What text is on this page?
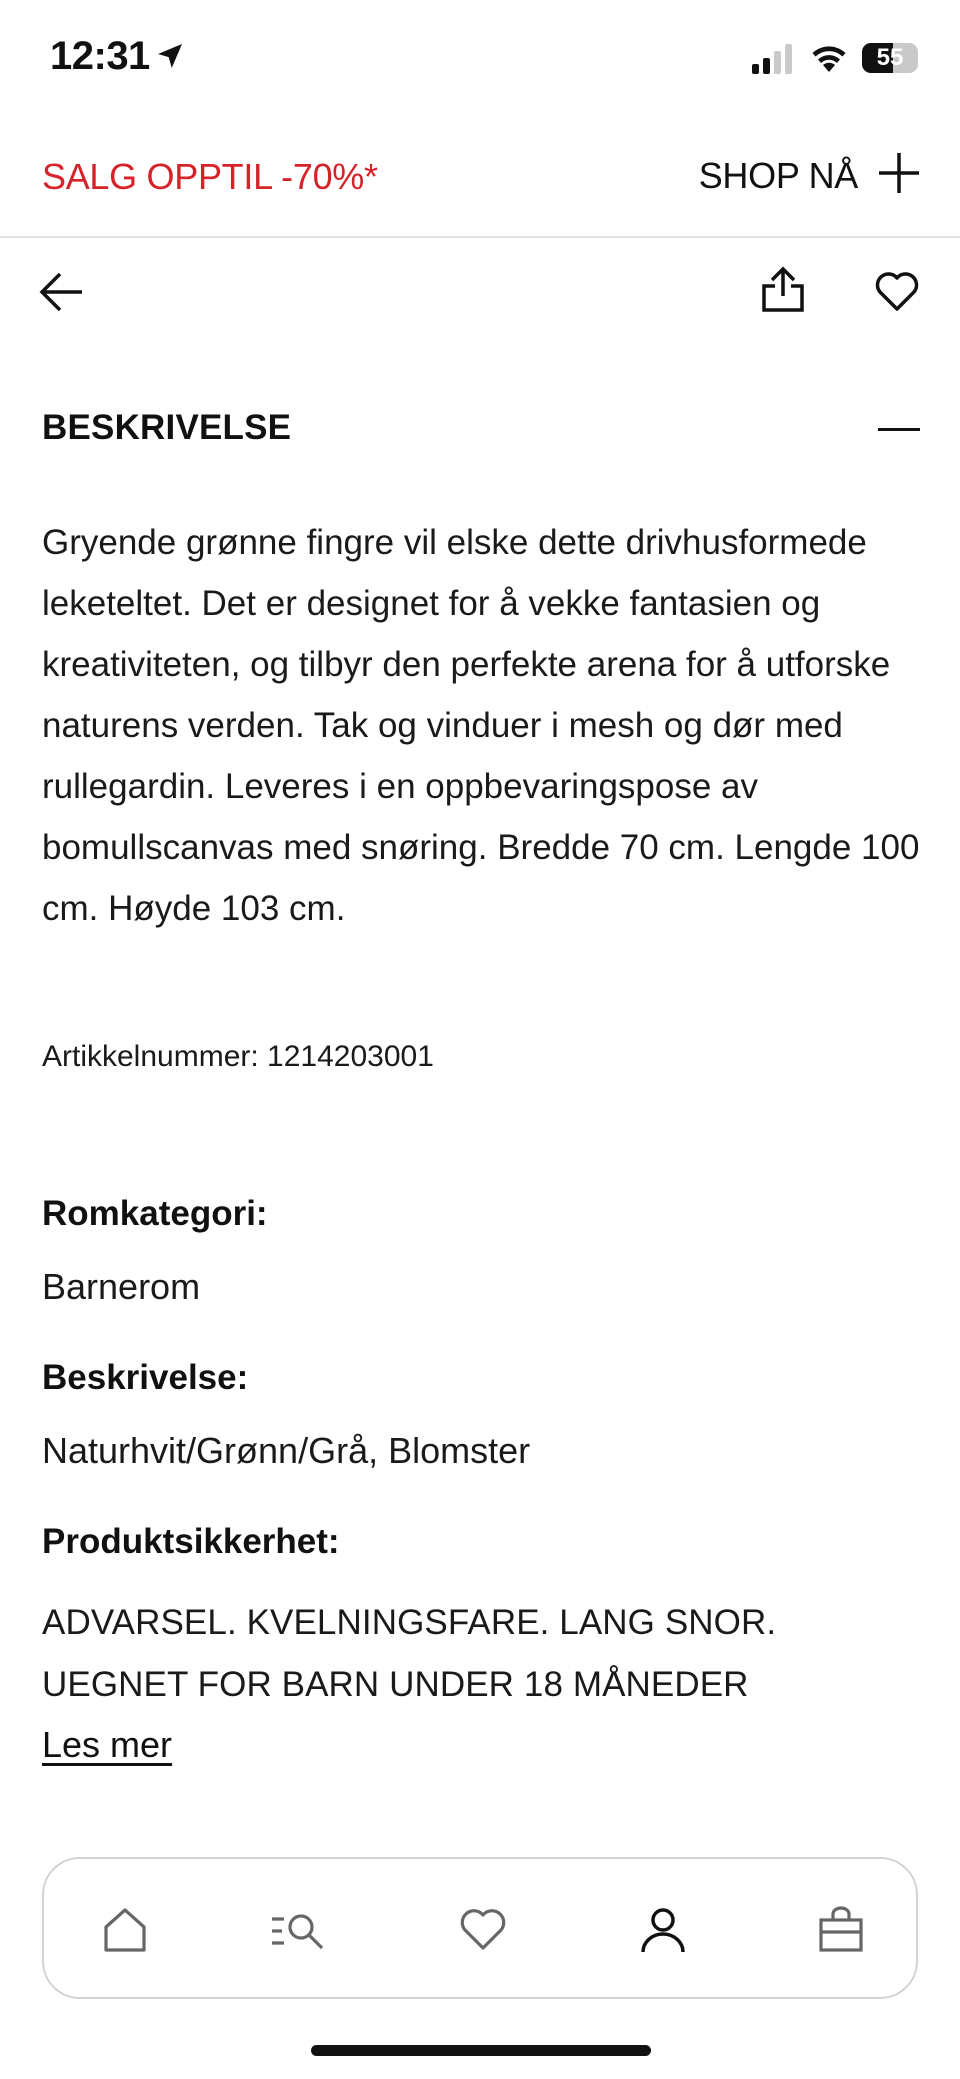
12:31	55
SALG OPPTIL -70%*	SHOP NÅ
BESKRIVELSE
Gryende grønne fingre vil elske dette drivhusformede leketeltet. Det er designet for å vekke fantasien og kreativiteten, og tilbyr den perfekte arena for å utforske naturens verden. Tak og vinduer i mesh og dør med rullegardin. Leveres i en oppbevaringspose av bomullscanvas med snøring. Bredde 70 cm. Lengde 100 cm. Høyde 103 cm.
Artikkelnummer: 1214203001
Romkategori:
Barnerom
Beskrivelse:
Naturhvit/Grønn/Grå, Blomster
Produktsikkerhet:
ADVARSEL. KVELNINGSFARE. LANG SNOR. UEGNET FOR BARN UNDER 18 MÅNEDER
Les mer
